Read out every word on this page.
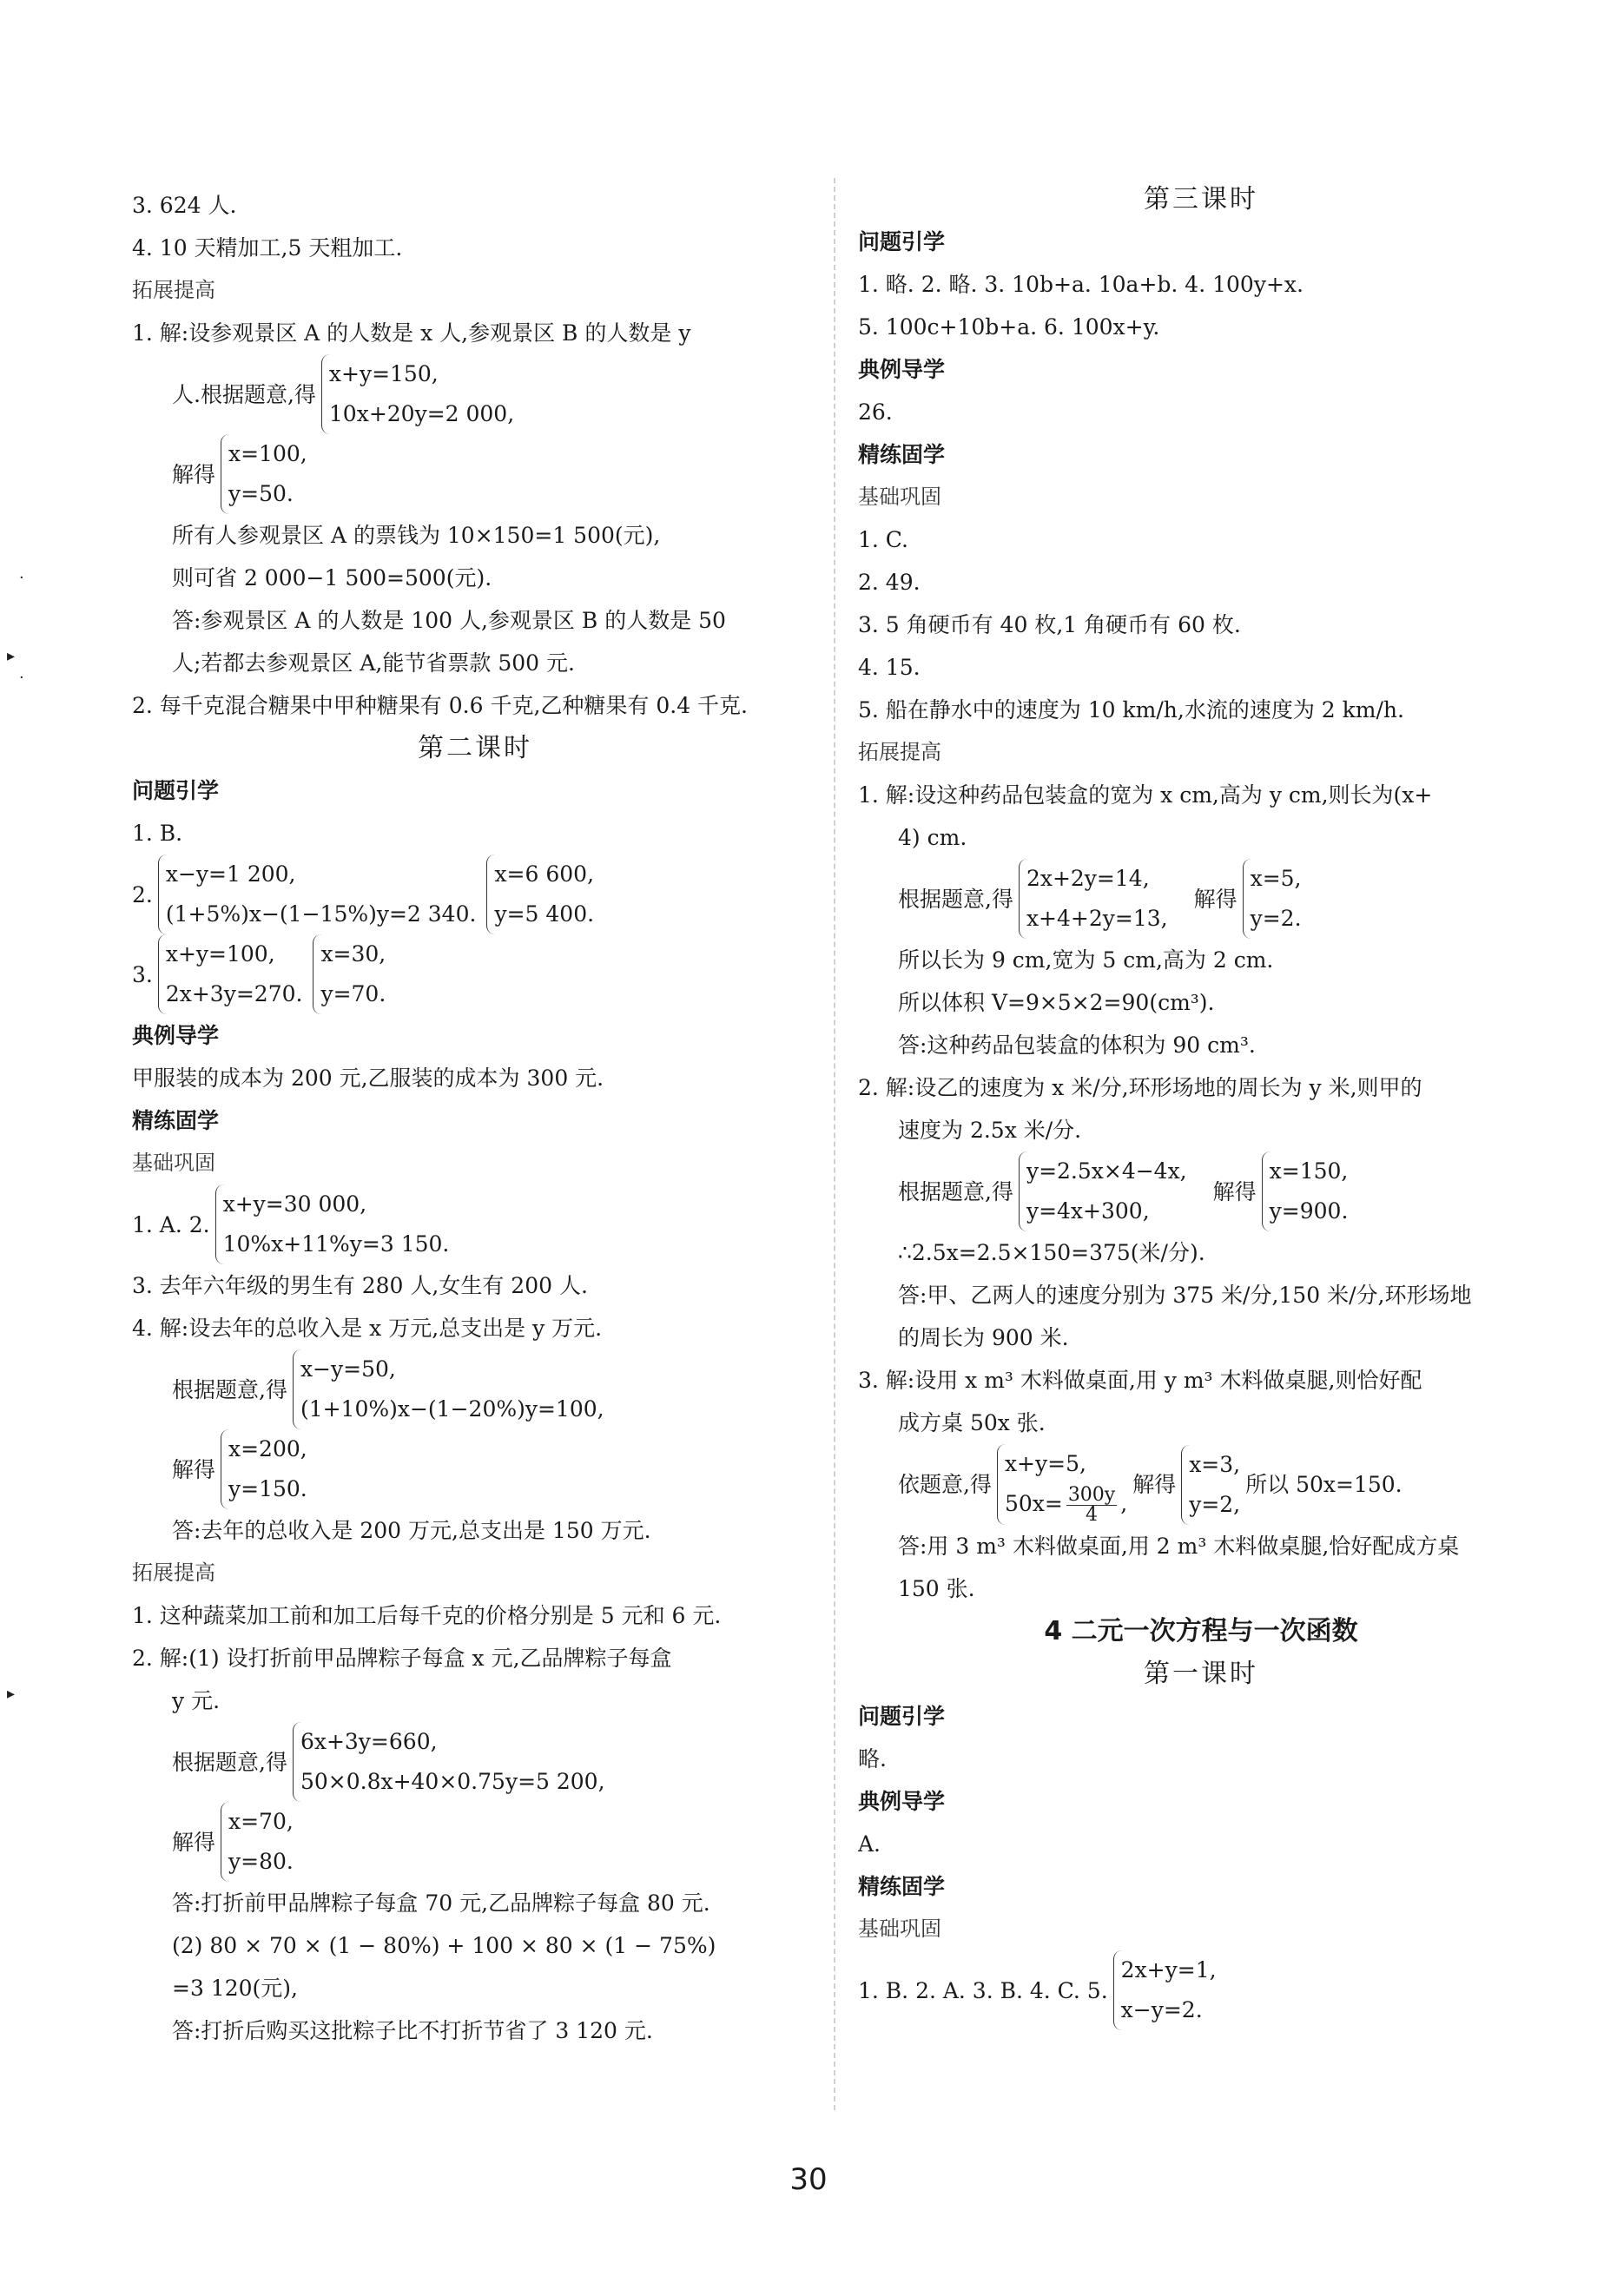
·
▸
·
▸
3. 624 人.
4. 10 天精加工,5 天粗加工.
拓展提高
1. 解:设参观景区 A 的人数是 x 人,参观景区 B 的人数是 y
人.根据题意,得
x+y=150,
10x+20y=2 000,
解得
x=100,
y=50.
所有人参观景区 A 的票钱为 10×150=1 500(元),
则可省 2 000−1 500=500(元).
答:参观景区 A 的人数是 100 人,参观景区 B 的人数是 50
人;若都去参观景区 A,能节省票款 500 元.
2. 每千克混合糖果中甲种糖果有 0.6 千克,乙种糖果有 0.4 千克.
第二课时
问题引学
1. B.
2.
x−y=1 200,
(1+5%)x−(1−15%)y=2 340.
x=6 600,
y=5 400.
3.
x+y=100,
2x+3y=270.
x=30,
y=70.
典例导学
甲服装的成本为 200 元,乙服装的成本为 300 元.
精练固学
基础巩固
1. A. 2.
x+y=30 000,
10%x+11%y=3 150.
3. 去年六年级的男生有 280 人,女生有 200 人.
4. 解:设去年的总收入是 x 万元,总支出是 y 万元.
根据题意,得
x−y=50,
(1+10%)x−(1−20%)y=100,
解得
x=200,
y=150.
答:去年的总收入是 200 万元,总支出是 150 万元.
拓展提高
1. 这种蔬菜加工前和加工后每千克的价格分别是 5 元和 6 元.
2. 解:(1) 设打折前甲品牌粽子每盒 x 元,乙品牌粽子每盒
y 元.
根据题意,得
6x+3y=660,
50×0.8x+40×0.75y=5 200,
解得
x=70,
y=80.
答:打折前甲品牌粽子每盒 70 元,乙品牌粽子每盒 80 元.
(2) 80 × 70 × (1 − 80%) + 100 × 80 × (1 − 75%)
=3 120(元),
答:打折后购买这批粽子比不打折节省了 3 120 元.
第三课时
问题引学
1. 略. 2. 略. 3. 10b+a. 10a+b. 4. 100y+x.
5. 100c+10b+a. 6. 100x+y.
典例导学
26.
精练固学
基础巩固
1. C.
2. 49.
3. 5 角硬币有 40 枚,1 角硬币有 60 枚.
4. 15.
5. 船在静水中的速度为 10 km/h,水流的速度为 2 km/h.
拓展提高
1. 解:设这种药品包装盒的宽为 x cm,高为 y cm,则长为(x+
4) cm.
根据题意,得
2x+2y=14,
x+4+2y=13,
解得
x=5,
y=2.
所以长为 9 cm,宽为 5 cm,高为 2 cm.
所以体积 V=9×5×2=90(cm³).
答:这种药品包装盒的体积为 90 cm³.
2. 解:设乙的速度为 x 米/分,环形场地的周长为 y 米,则甲的
速度为 2.5x 米/分.
根据题意,得
y=2.5x×4−4x,
y=4x+300,
解得
x=150,
y=900.
∴2.5x=2.5×150=375(米/分).
答:甲、乙两人的速度分别为 375 米/分,150 米/分,环形场地
的周长为 900 米.
3. 解:设用 x m³ 木料做桌面,用 y m³ 木料做桌腿,则恰好配
成方桌 50x 张.
依题意,得
x+y=5,
$50x= \frac{300y}{4}$ ,
解得
x=3,
y=2,
所以 50x=150.
答:用 3 m³ 木料做桌面,用 2 m³ 木料做桌腿,恰好配成方桌
150 张.
4 二元一次方程与一次函数
第一课时
问题引学
略.
典例导学
A.
精练固学
基础巩固
1. B. 2. A. 3. B. 4. C. 5.
2x+y=1,
x−y=2.
30
